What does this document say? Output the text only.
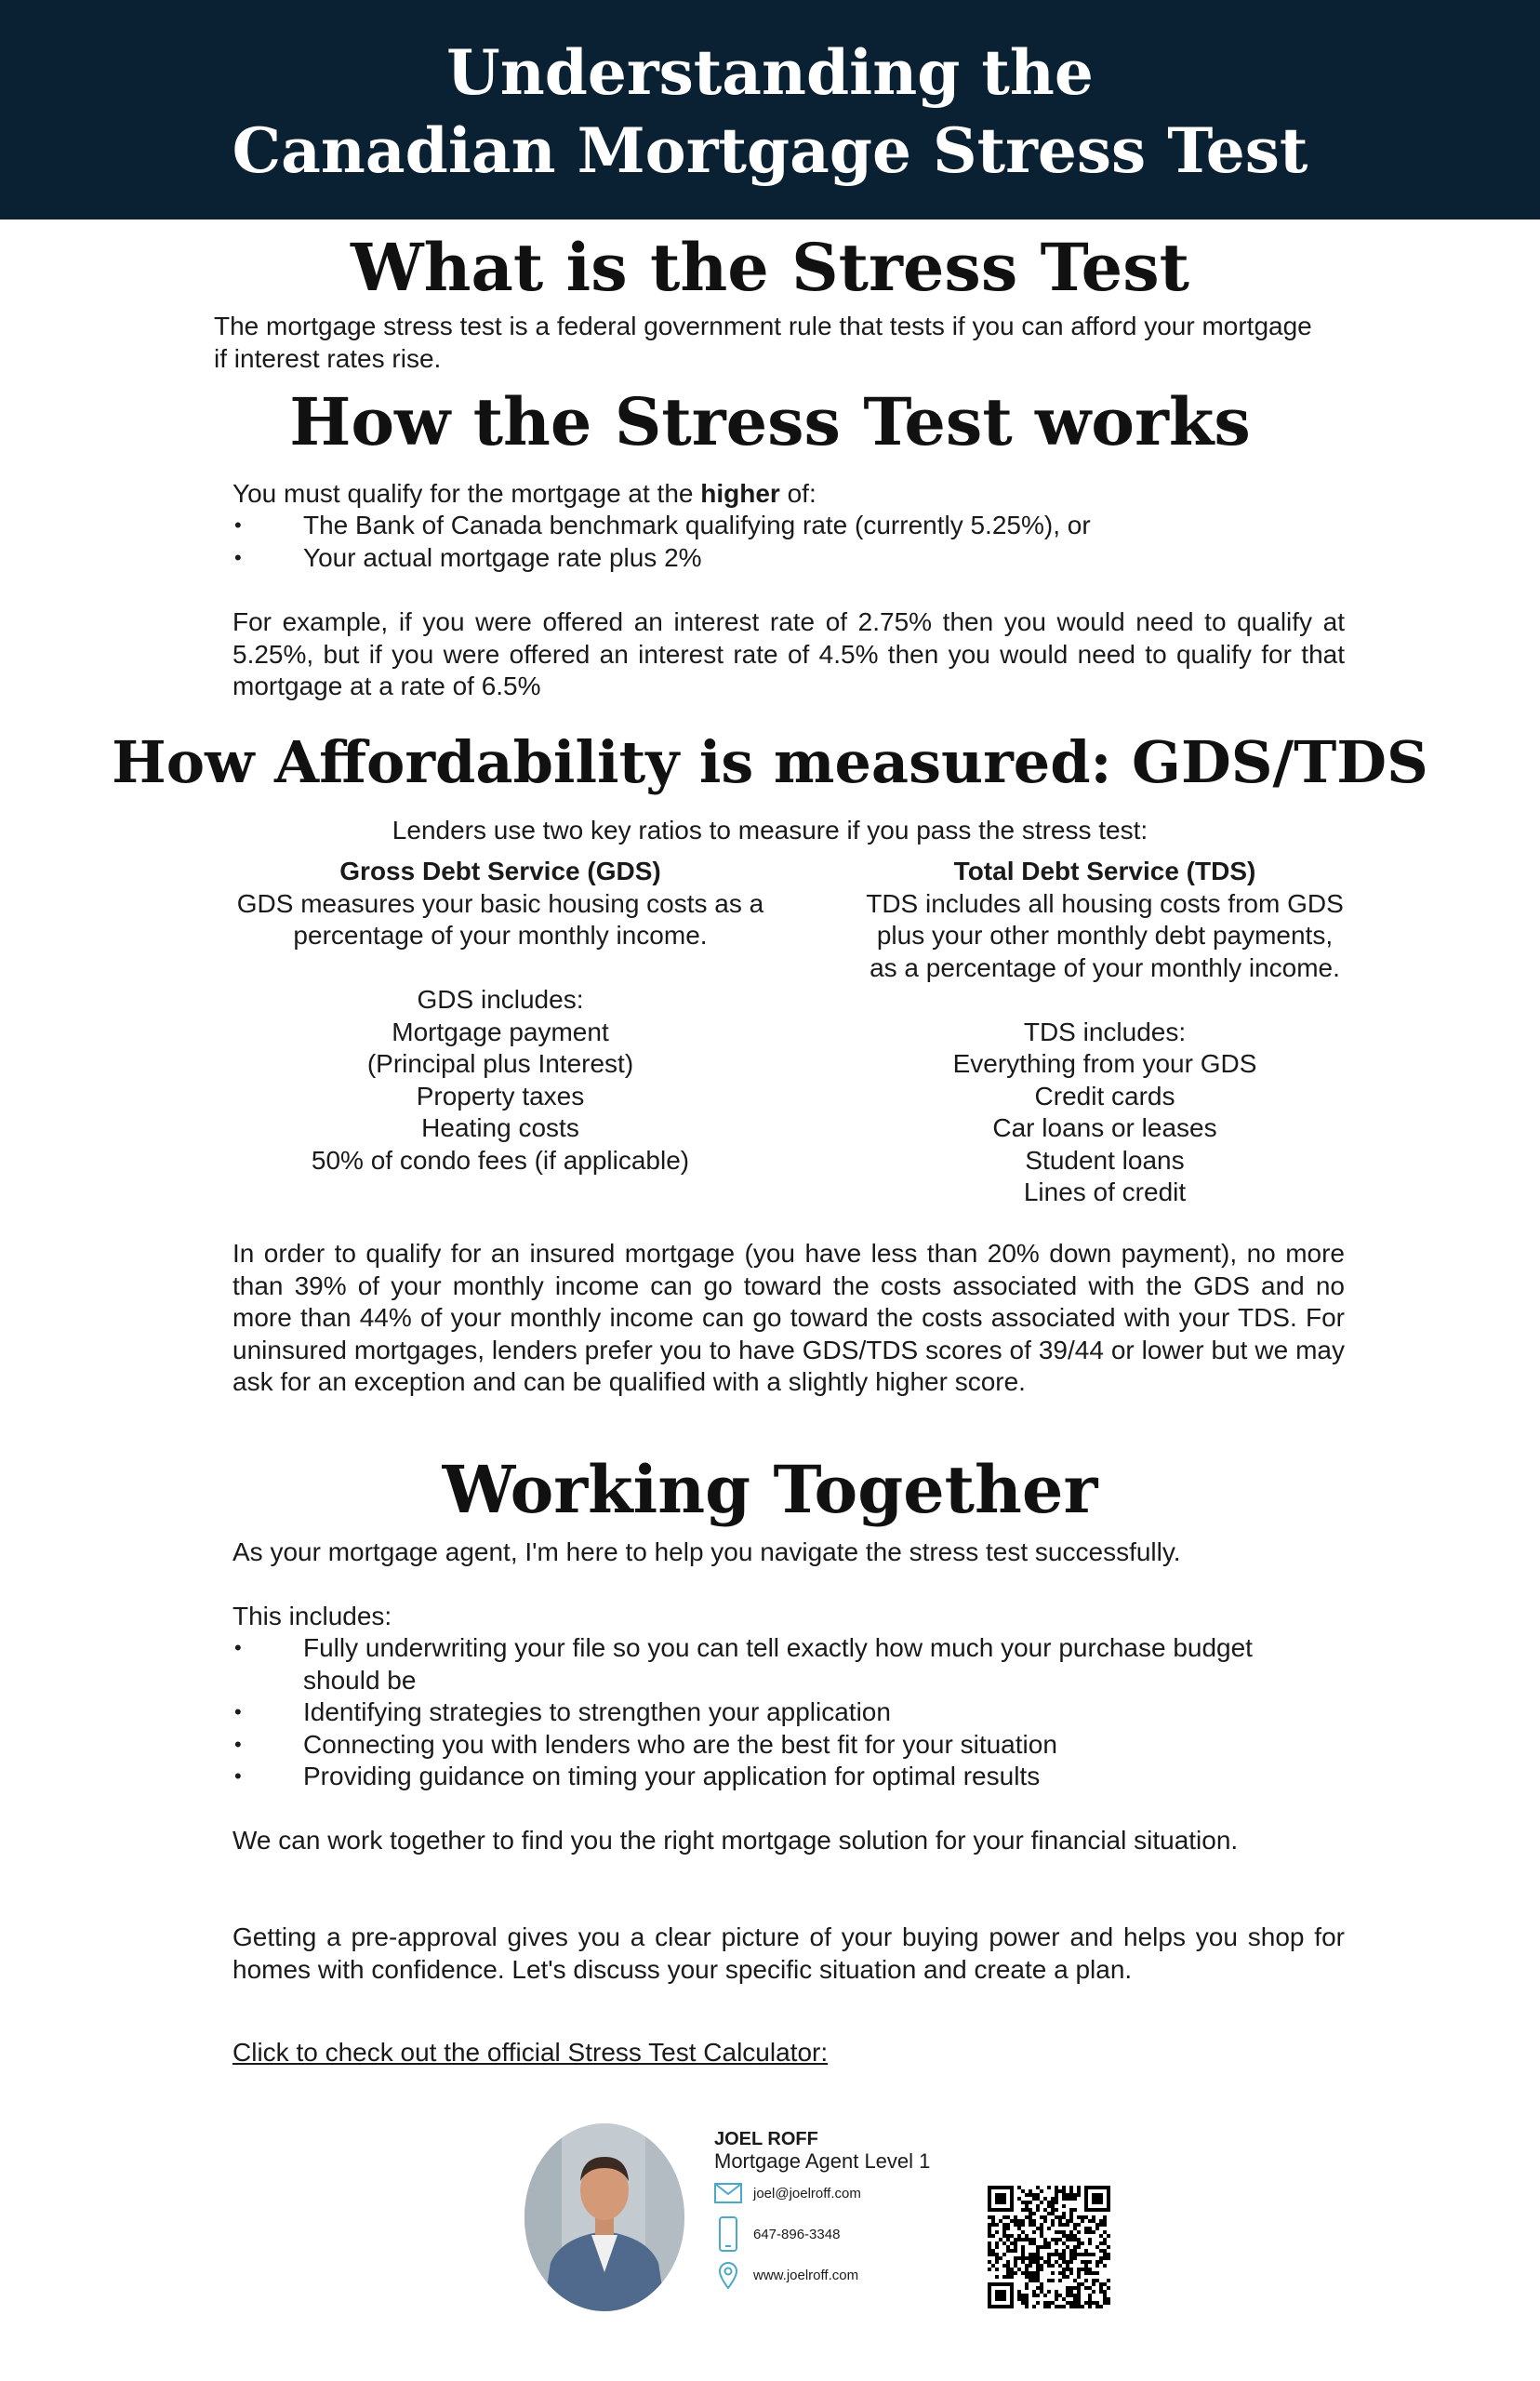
Understanding the
Canadian Mortgage Stress Test
What is the Stress Test

The mortgage stress test is a federal government rule that tests if you can afford your mortgage if interest rates rise.

How the Stress Test works

You must qualify for the mortgage at the higher of:

• The Bank of Canada benchmark qualifying rate (currently 5.25%), or
• Your actual mortgage rate plus 2%

For example, if you were offered an interest rate of 2.75% then you would need to qualify at 5.25%, but if you were offered an interest rate of 4.5% then you would need to qualify for that mortgage at a rate of 6.5%

How Affordability is measured: GDS/TDS

Lenders use two key ratios to measure if you pass the stress test:

Gross Debt Service (GDS)
GDS measures your basic housing costs as a
percentage of your monthly income.
GDS includes:
Mortgage payment
(Principal plus Interest)
Property taxes
Heating costs
50% of condo fees (if applicable)
Total Debt Service (TDS)
TDS includes all housing costs from GDS
plus your other monthly debt payments,
as a percentage of your monthly income.
TDS includes:
Everything from your GDS
Credit cards
Car loans or leases
Student loans
Lines of credit

In order to qualify for an insured mortgage (you have less than 20% down payment), no more than 39% of your monthly income can go toward the costs associated with the GDS and no more than 44% of your monthly income can go toward the costs associated with your TDS. For uninsured mortgages, lenders prefer you to have GDS/TDS scores of 39/44 or lower but we may ask for an exception and can be qualified with a slightly higher score.

Working Together

As your mortgage agent, I'm here to help you navigate the stress test successfully.

This includes:

• Fully underwriting your file so you can tell exactly how much your purchase budget should be
• Identifying strategies to strengthen your application
• Connecting you with lenders who are the best fit for your situation
• Providing guidance on timing your application for optimal results

We can work together to find you the right mortgage solution for your financial situation.

Getting a pre-approval gives you a clear picture of your buying power and helps you shop for homes with confidence. Let's discuss your specific situation and create a plan.

Click to check out the official Stress Test Calculator:
JOEL ROFF
Mortgage Agent Level 1
joel@joelroff.com
647-896-3348
www.joelroff.com
